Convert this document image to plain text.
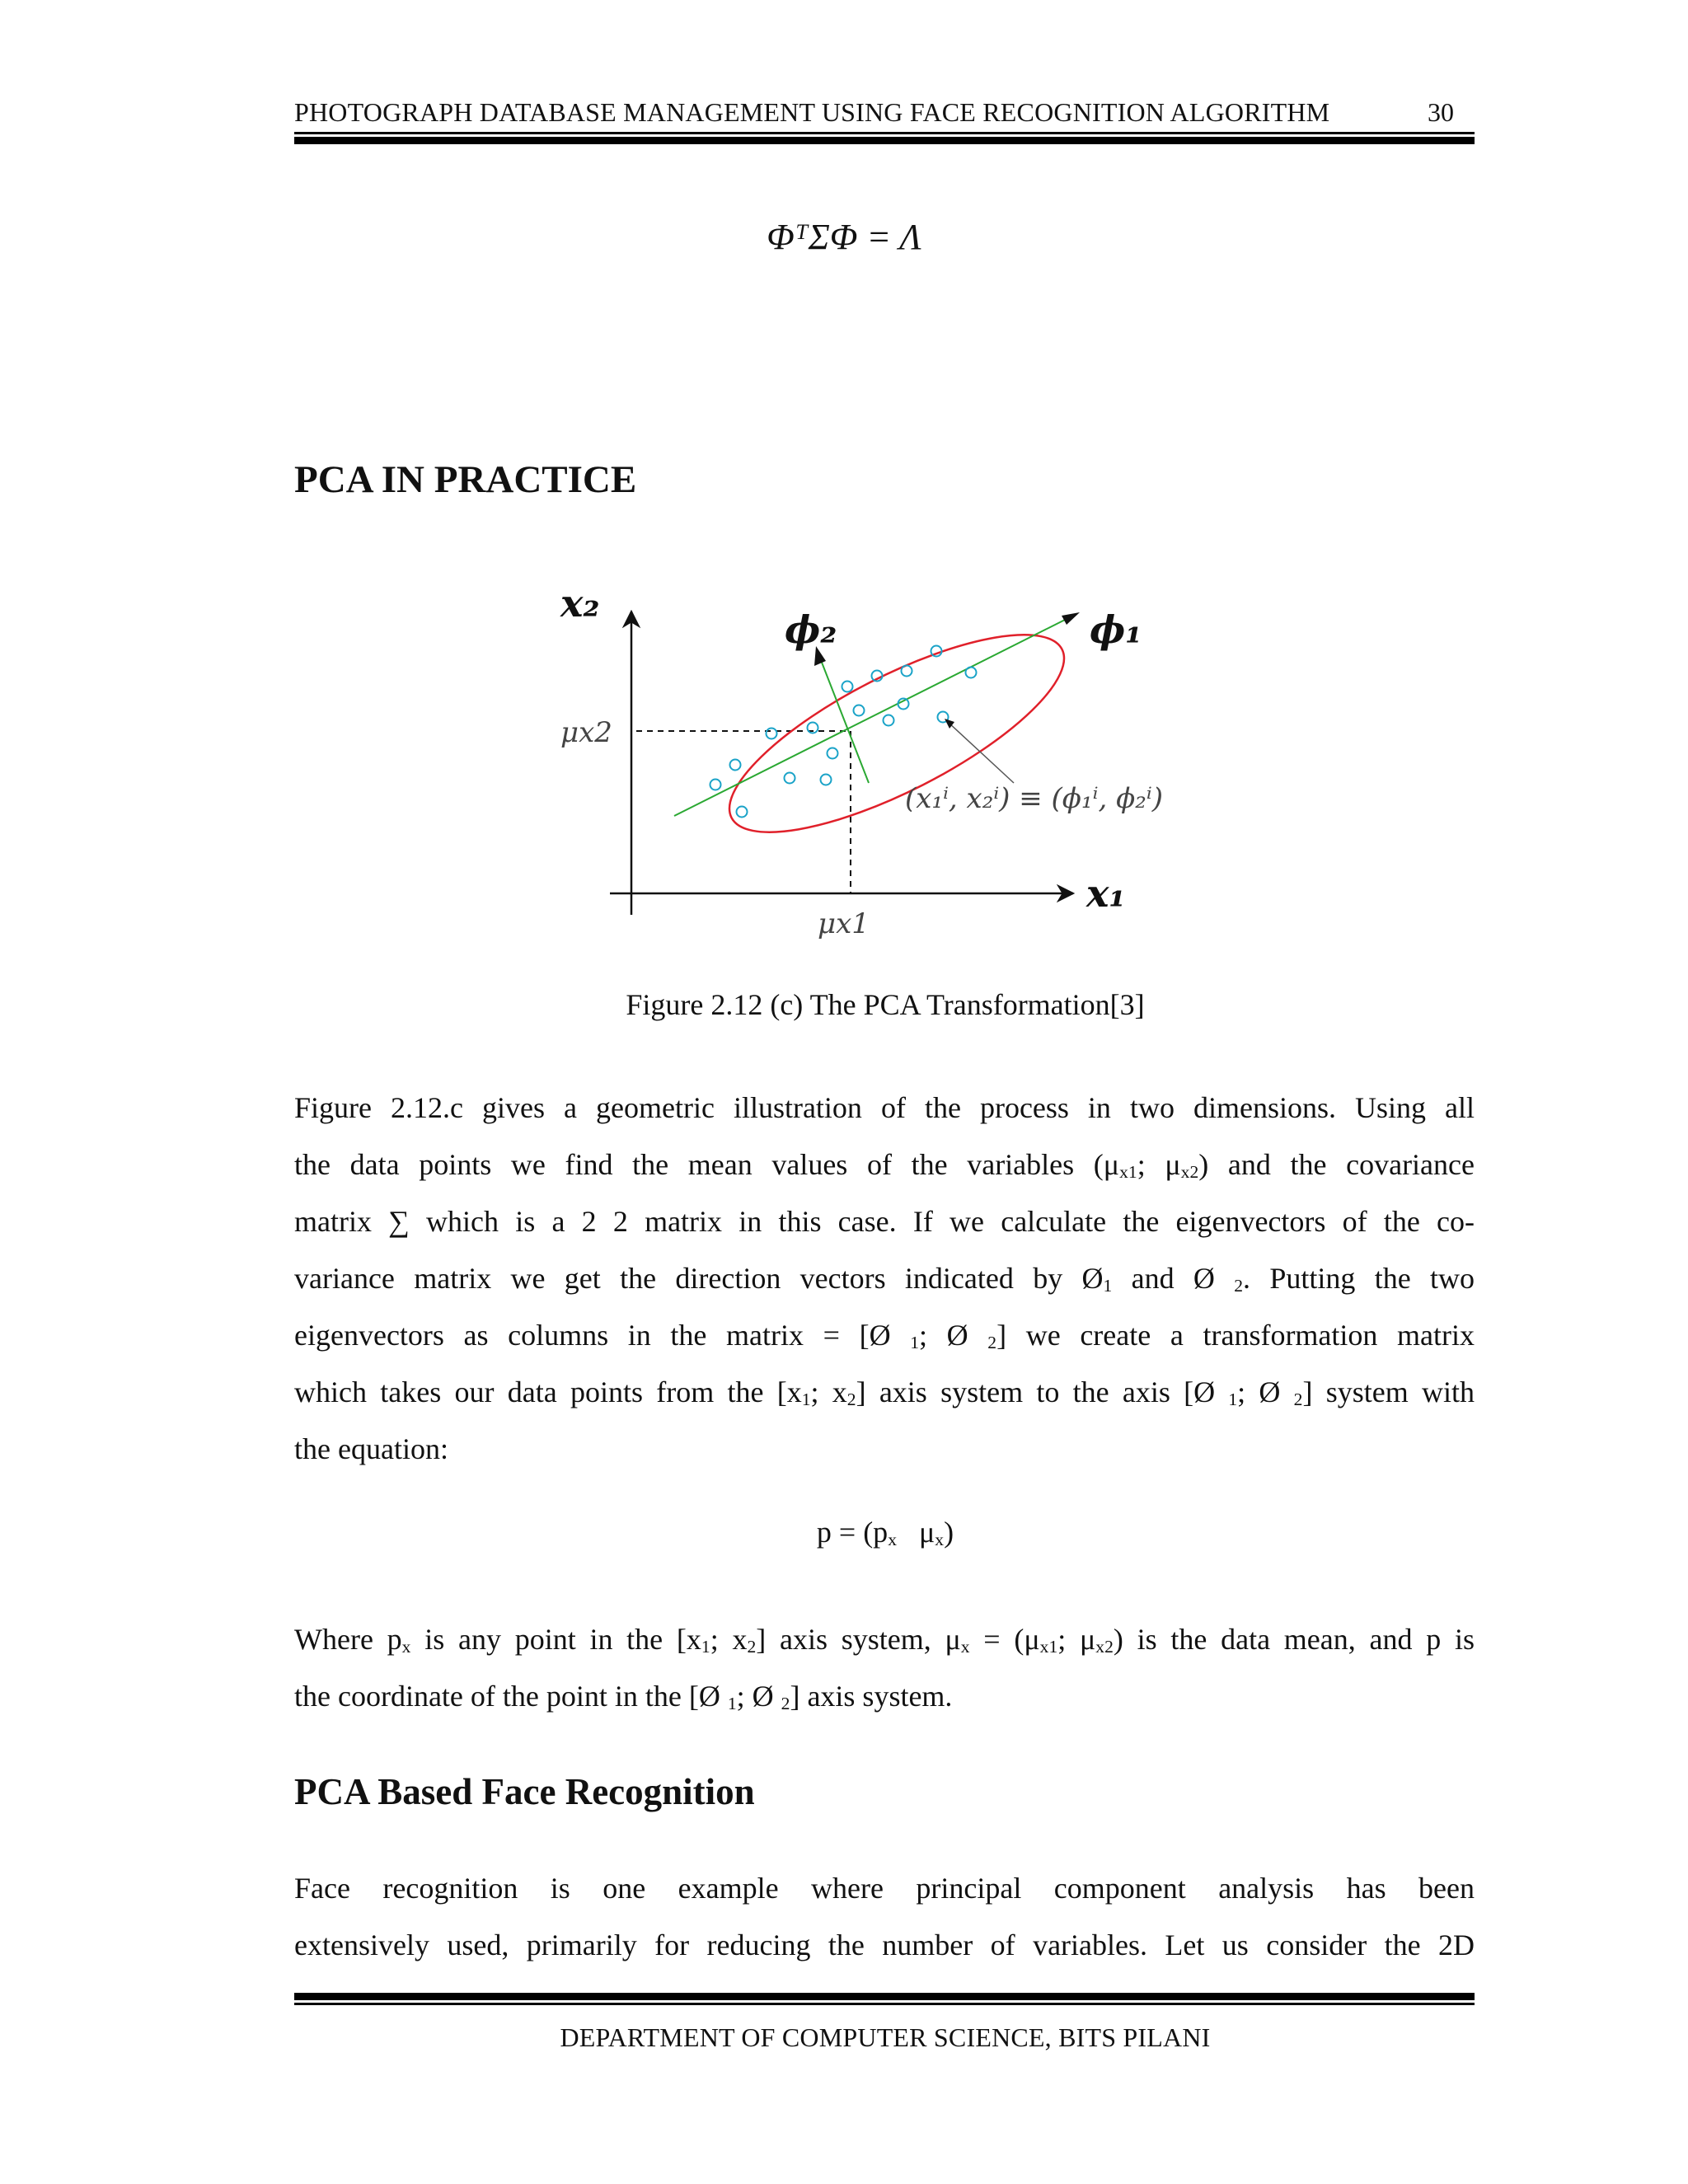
PHOTOGRAPH DATABASE MANAGEMENT USING FACE RECOGNITION ALGORITHM	30
ΦᵀΣΦ = Λ
PCA IN PRACTICE
x₂
x₁
ϕ₁
ϕ₂
μx2
μx1
(x₁ⁱ, x₂ⁱ) ≡ (ϕ₁ⁱ, ϕ₂ⁱ)
Figure 2.12 (c) The PCA Transformation[3]
Figure 2.12.c gives a geometric illustration of the process in two dimensions. Using all
the data points we find the mean values of the variables ($\mu_{x1}$; $\mu_{x2}$) and the covariance
matrix ∑ which is a 2 2 matrix in this case. If we calculate the eigenvectors of the co-
variance matrix we get the direction vectors indicated by $Ø_1$ and Ø $_2$. Putting the two
eigenvectors as columns in the matrix = [Ø $_1$; Ø $_2$] we create a transformation matrix
which takes our data points from the [$x_1$; $x_2$] axis system to the axis [Ø $_1$; Ø $_2$] system with
the equation:
$p = (p_x$   $\mu_x$)
Where $p_x$ is any point in the [$x_1$; $x_2$] axis system, $\mu_x = (\mu_{x1}$; $\mu_{x2}$) is the data mean, and p is
the coordinate of the point in the [Ø $_1$; Ø $_2$] axis system.
PCA Based Face Recognition
Face recognition is one example where principal component analysis has been
extensively used, primarily for reducing the number of variables. Let us consider the 2D
DEPARTMENT OF COMPUTER SCIENCE, BITS PILANI
